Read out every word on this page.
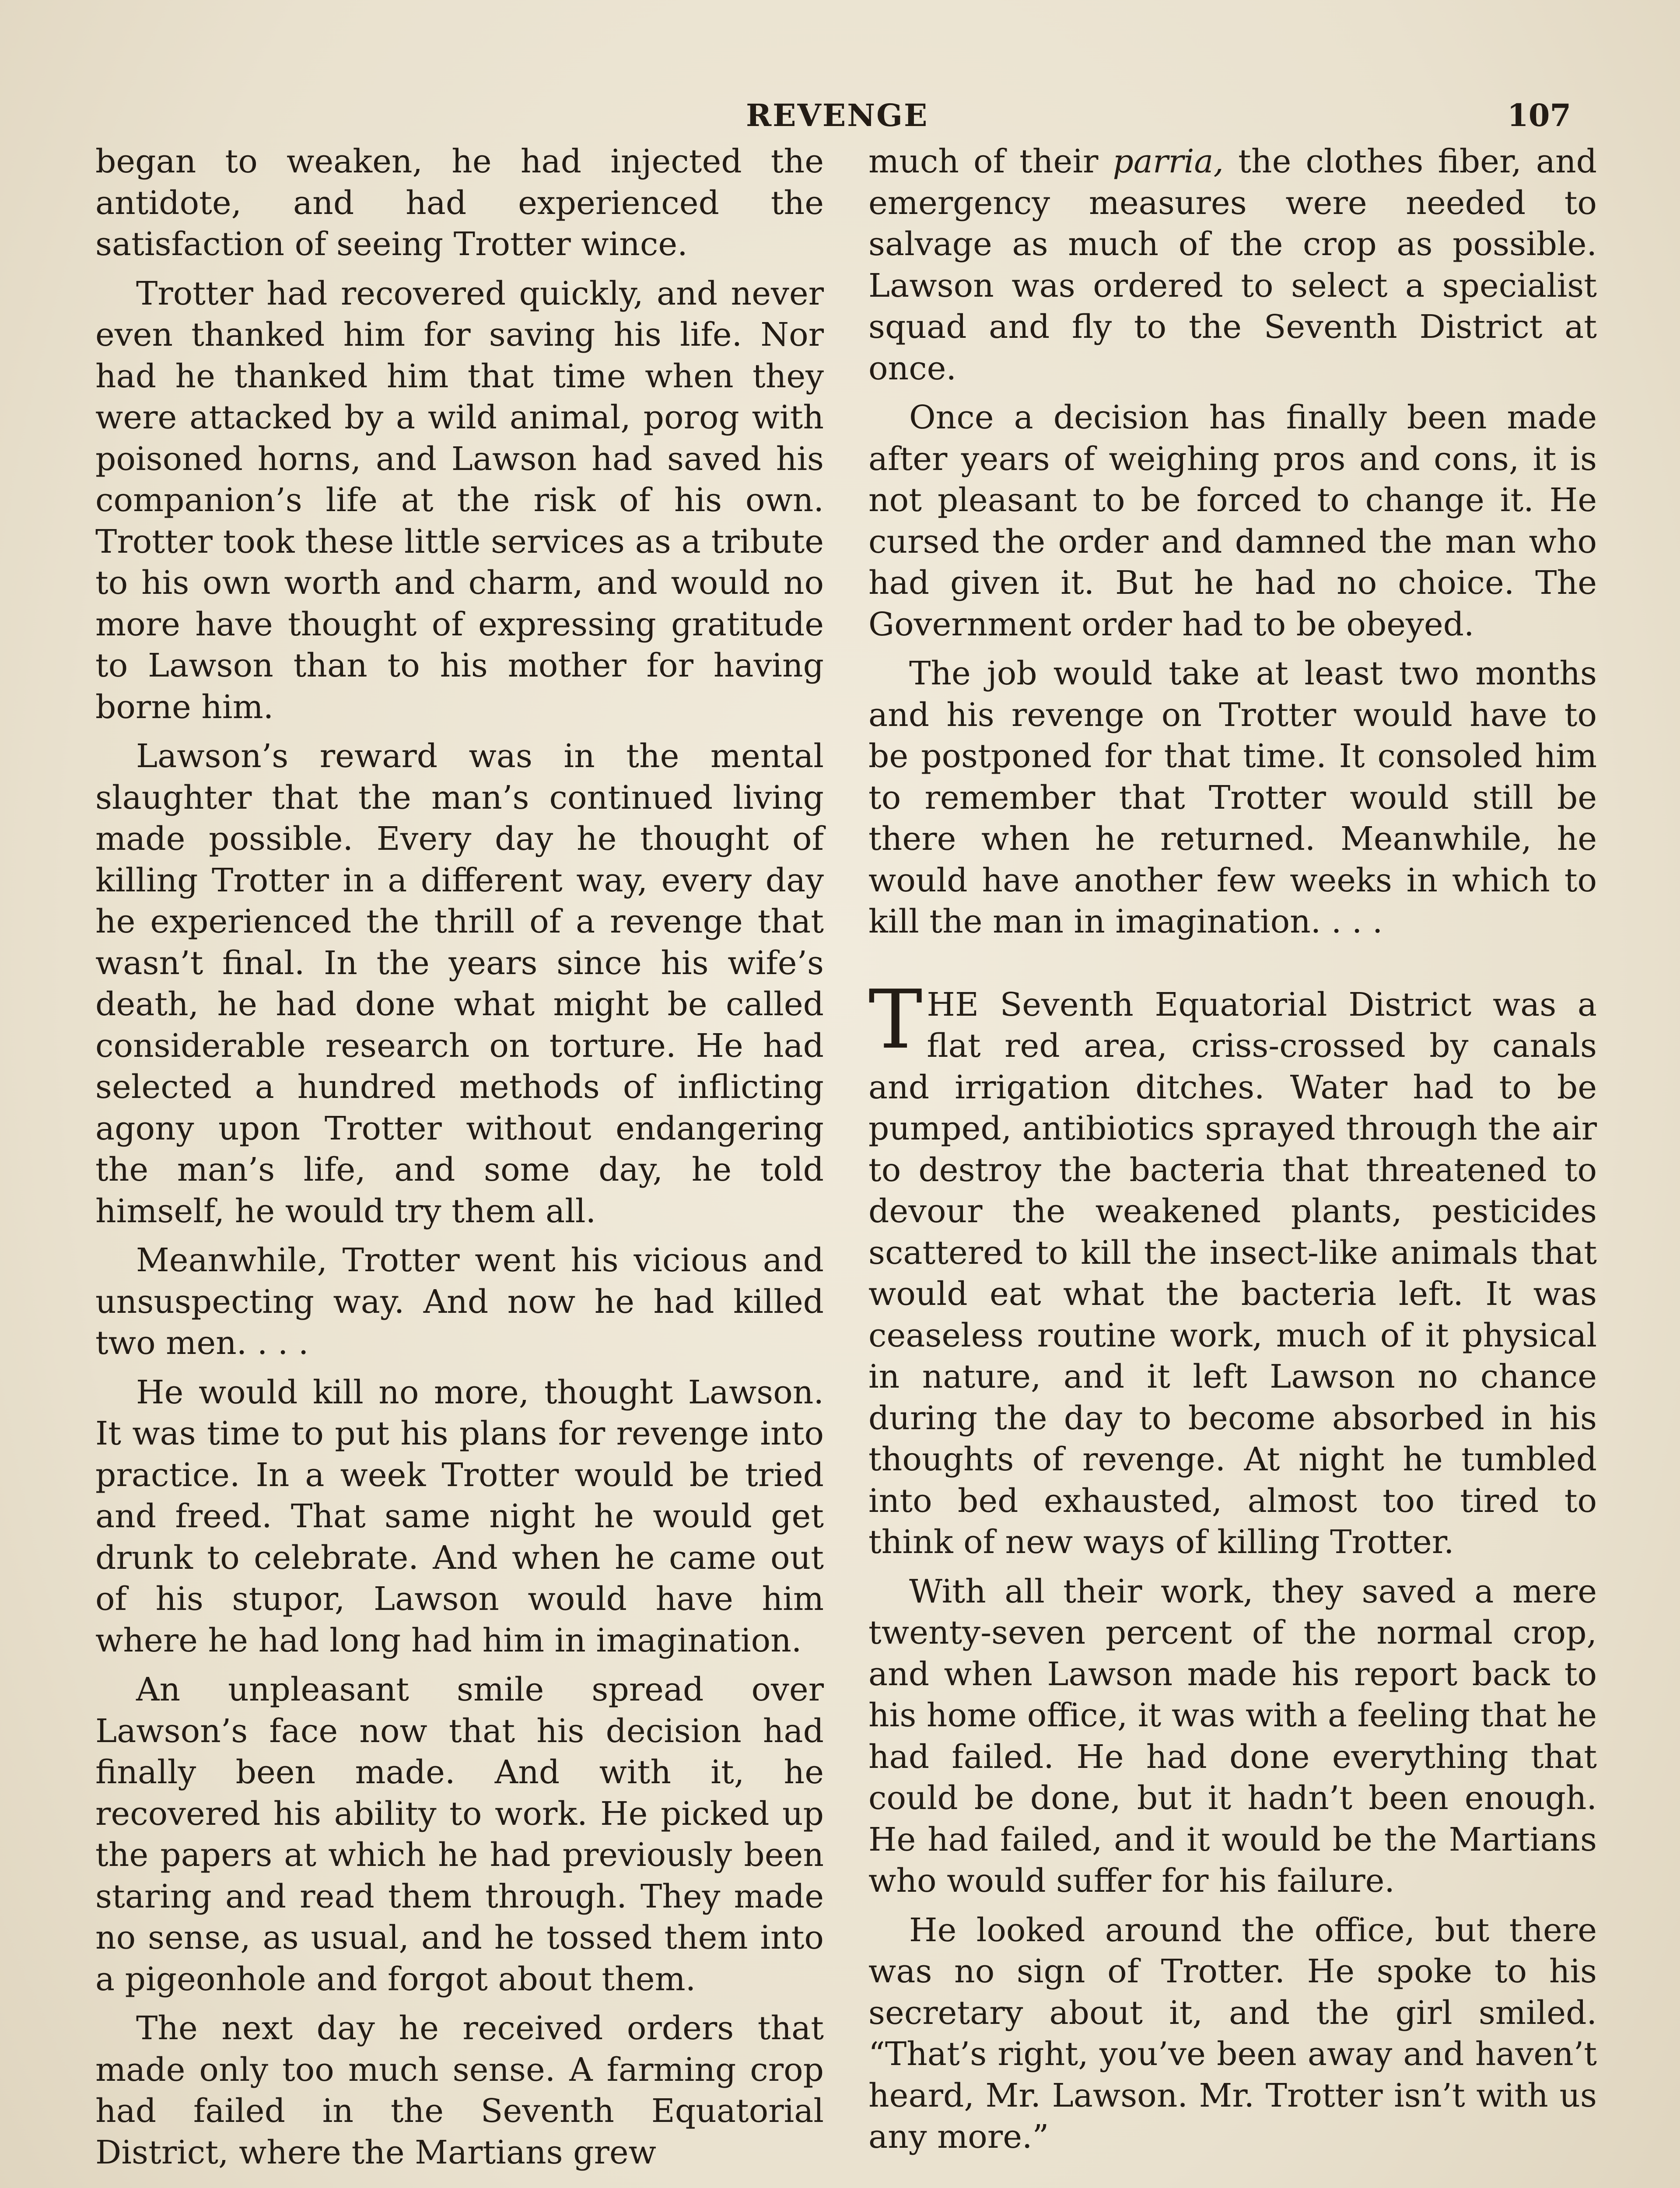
REVENGE	107

began to weaken, he had injected the antidote, and had experienced the satisfaction of seeing Trotter wince.

Trotter had recovered quickly, and never even thanked him for saving his life. Nor had he thanked him that time when they were attacked by a wild animal, porog with poisoned horns, and Lawson had saved his companion’s life at the risk of his own. Trotter took these little services as a tribute to his own worth and charm, and would no more have thought of expressing gratitude to Lawson than to his mother for having borne him.

Lawson’s reward was in the mental slaughter that the man’s continued living made possible. Every day he thought of killing Trotter in a different way, every day he experienced the thrill of a revenge that wasn’t final. In the years since his wife’s death, he had done what might be called considerable research on torture. He had selected a hundred methods of inflicting agony upon Trotter without endangering the man’s life, and some day, he told himself, he would try them all.

Meanwhile, Trotter went his vicious and unsuspecting way. And now he had killed two men. . . .

He would kill no more, thought Lawson. It was time to put his plans for revenge into practice. In a week Trotter would be tried and freed. That same night he would get drunk to celebrate. And when he came out of his stupor, Lawson would have him where he had long had him in imagination.

An unpleasant smile spread over Lawson’s face now that his decision had finally been made. And with it, he recovered his ability to work. He picked up the papers at which he had previously been staring and read them through. They made no sense, as usual, and he tossed them into a pigeonhole and forgot about them.

The next day he received orders that made only too much sense. A farming crop had failed in the Seventh Equatorial District, where the Martians grew

much of their parria, the clothes fiber, and emergency measures were needed to salvage as much of the crop as possible. Lawson was ordered to select a specialist squad and fly to the Seventh District at once.

Once a decision has finally been made after years of weighing pros and cons, it is not pleasant to be forced to change it. He cursed the order and damned the man who had given it. But he had no choice. The Government order had to be obeyed.

The job would take at least two months and his revenge on Trotter would have to be postponed for that time. It consoled him to remember that Trotter would still be there when he returned. Meanwhile, he would have another few weeks in which to kill the man in imagination. . . .

THE Seventh Equatorial District was a flat red area, criss-crossed by canals and irrigation ditches. Water had to be pumped, antibiotics sprayed through the air to destroy the bacteria that threatened to devour the weakened plants, pesticides scattered to kill the insect-like animals that would eat what the bacteria left. It was ceaseless routine work, much of it physical in nature, and it left Lawson no chance during the day to become absorbed in his thoughts of revenge. At night he tumbled into bed exhausted, almost too tired to think of new ways of killing Trotter.

With all their work, they saved a mere twenty-seven percent of the normal crop, and when Lawson made his report back to his home office, it was with a feeling that he had failed. He had done everything that could be done, but it hadn’t been enough. He had failed, and it would be the Martians who would suffer for his failure.

He looked around the office, but there was no sign of Trotter. He spoke to his secretary about it, and the girl smiled. “That’s right, you’ve been away and haven’t heard, Mr. Lawson. Mr. Trotter isn’t with us any more.”
